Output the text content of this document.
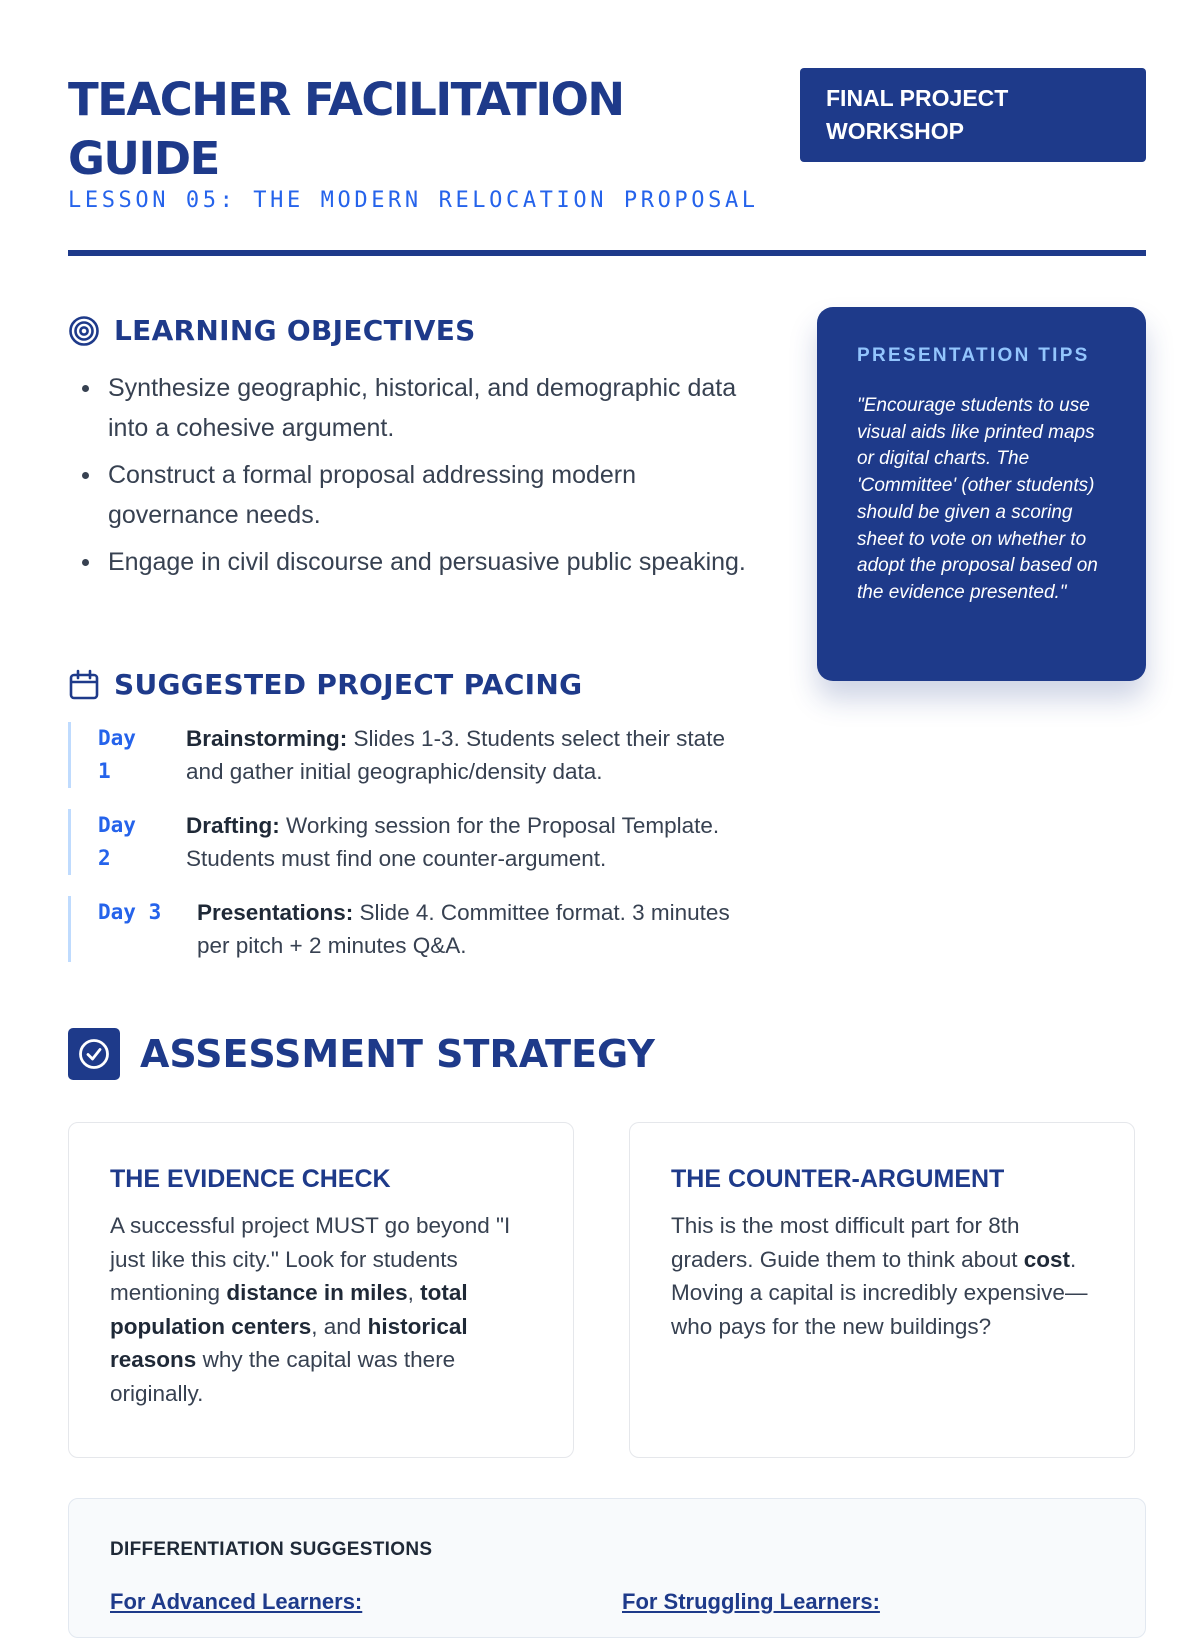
TEACHER FACILITATION GUIDE
LESSON 05: THE MODERN RELOCATION PROPOSAL
FINAL PROJECT WORKSHOP
LEARNING OBJECTIVES
Synthesize geographic, historical, and demographic data into a cohesive argument.
Construct a formal proposal addressing modern governance needs.
Engage in civil discourse and persuasive public speaking.
SUGGESTED PROJECT PACING
Day 1
Brainstorming: Slides 1-3. Students select their state and gather initial geographic/density data.
Day 2
Drafting: Working session for the Proposal Template. Students must find one counter-argument.
Day 3	Presentations: Slide 4. Committee format. 3 minutes per pitch + 2 minutes Q&A.
PRESENTATION TIPS
"Encourage students to use visual aids like printed maps or digital charts. The 'Committee' (other students) should be given a scoring sheet to vote on whether to adopt the proposal based on the evidence presented."
ASSESSMENT STRATEGY
THE EVIDENCE CHECK
A successful project MUST go beyond "I just like this city." Look for students mentioning distance in miles, total population centers, and historical reasons why the capital was there originally.
THE COUNTER-ARGUMENT
This is the most difficult part for 8th graders. Guide them to think about cost. Moving a capital is incredibly expensive—who pays for the new buildings?
DIFFERENTIATION SUGGESTIONS
For Advanced Learners:	For Struggling Learners:
